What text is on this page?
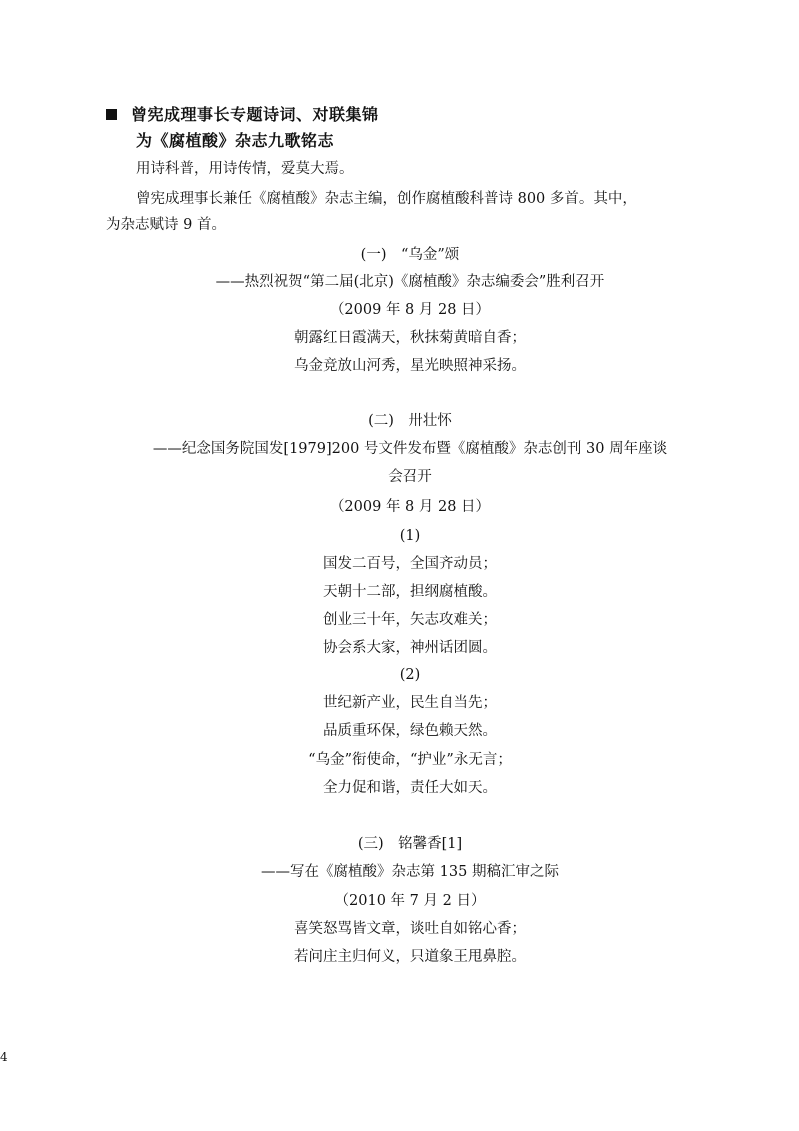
曾宪成理事长专题诗词、对联集锦
为《腐植酸》杂志九歌铭志
用诗科普，用诗传情，爱莫大焉。
曾宪成理事长兼任《腐植酸》杂志主编，创作腐植酸科普诗 800 多首。其中，
为杂志赋诗 9 首。
(一)　“乌金”颂
——热烈祝贺“第二届(北京)《腐植酸》杂志编委会”胜利召开
（2009 年 8 月 28 日）
朝露红日霞满天，秋抹菊黄暗自香；
乌金竞放山河秀，星光映照神采扬。
(二)　卅壮怀
——纪念国务院国发[1979]200 号文件发布暨《腐植酸》杂志创刊 30 周年座谈
会召开
（2009 年 8 月 28 日）
(1)
国发二百号，全国齐动员；
天朝十二部，担纲腐植酸。
创业三十年，矢志攻难关；
协会系大家，神州话团圆。
(2)
世纪新产业，民生自当先；
品质重环保，绿色赖天然。
“乌金”衔使命，“护业”永无言；
全力促和谐，责任大如天。
(三)　铭馨香[1]
——写在《腐植酸》杂志第 135 期稿汇审之际
（2010 年 7 月 2 日）
喜笑怒骂皆文章，谈吐自如铭心香；
若问庄主归何义，只道象王甩鼻腔。
4
